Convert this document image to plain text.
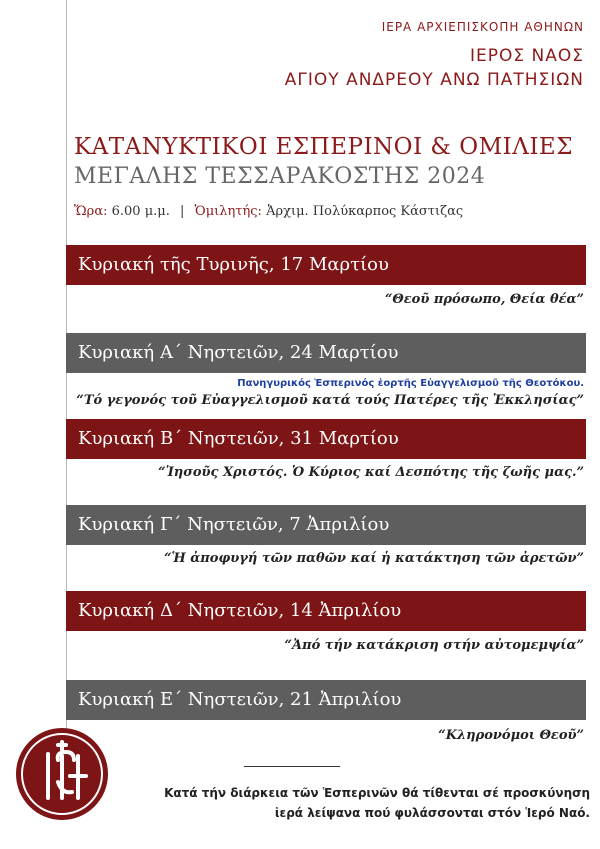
ΙΕΡΑ ΑΡΧΙΕΠΙΣΚΟΠΗ ΑΘΗΝΩΝ
ΙΕΡΟΣ ΝΑΟΣ
ΑΓΙΟΥ ΑΝΔΡΕΟΥ ΑΝΩ ΠΑΤΗΣΙΩΝ
ΚΑΤΑΝΥΚΤΙΚΟΙ ΕΣΠΕΡΙΝΟΙ & ΟΜΙΛΙΕΣ
ΜΕΓΑΛΗΣ ΤΕΣΣΑΡΑΚΟΣΤΗΣ 2024
Ὥρα: 6.00 μ.μ. | Ὁμιλητής: Ἀρχιμ. Πολύκαρπος Κάστιζας
Κυριακή τῆς Τυρινῆς, 17 Μαρτίου
“Θεοῦ πρόσωπο, Θεία θέα”
Κυριακή Α΄ Νηστειῶν, 24 Μαρτίου
Πανηγυρικός Ἑσπερινός ἑορτῆς Εὐαγγελισμοῦ τῆς Θεοτόκου.
“Τό γεγονός τοῦ Εὐαγγελισμοῦ κατά τούς Πατέρες τῆς Ἐκκλησίας”
Κυριακή Β΄ Νηστειῶν, 31 Μαρτίου
“Ἰησοῦς Χριστός. Ὁ Κύριος καί Δεσπότης τῆς ζωῆς μας.”
Κυριακή Γ΄ Νηστειῶν, 7 Ἀπριλίου
“Ἡ ἀποφυγή τῶν παθῶν καί ἡ κατάκτηση τῶν ἀρετῶν”
Κυριακή Δ΄ Νηστειῶν, 14 Ἀπριλίου
“Ἀπό τήν κατάκριση στήν αὐτομεμψία”
Κυριακή Ε΄ Νηστειῶν, 21 Ἀπριλίου
“Κληρονόμοι Θεοῦ”
Κατά τήν διάρκεια τῶν Ἑσπερινῶν θά τίθενται σέ προσκύνηση
ἱερά λείψανα πού φυλάσσονται στόν Ἱερό Ναό.
